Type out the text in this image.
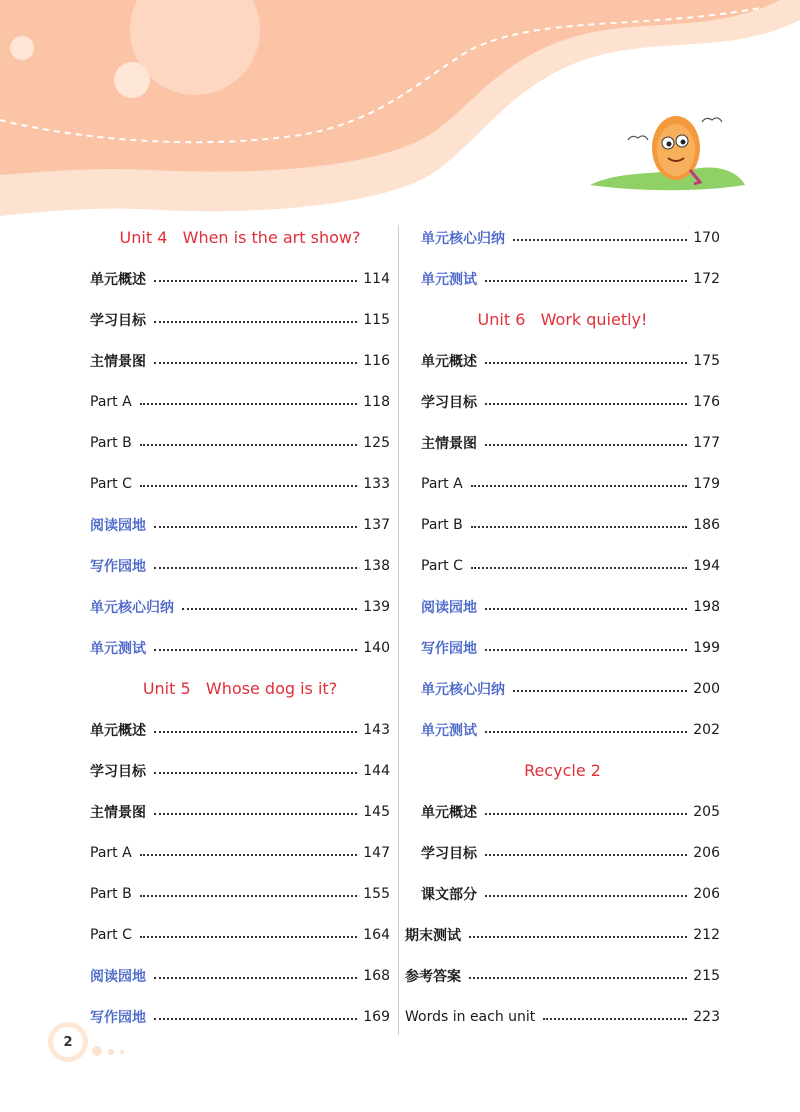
Unit 4   When is the art show?
单元概述	114
学习目标	115
主情景图	116
Part A	118
Part B	125
Part C	133
阅读园地	137
写作园地	138
单元核心归纳	139
单元测试	140
Unit 5   Whose dog is it?
单元概述	143
学习目标	144
主情景图	145
Part A	147
Part B	155
Part C	164
阅读园地	168
写作园地	169
单元核心归纳	170
单元测试	172
Unit 6   Work quietly!
单元概述	175
学习目标	176
主情景图	177
Part A	179
Part B	186
Part C	194
阅读园地	198
写作园地	199
单元核心归纳	200
单元测试	202
Recycle 2
单元概述	205
学习目标	206
课文部分	206
期末测试	212
参考答案	215
Words in each unit	223
2
